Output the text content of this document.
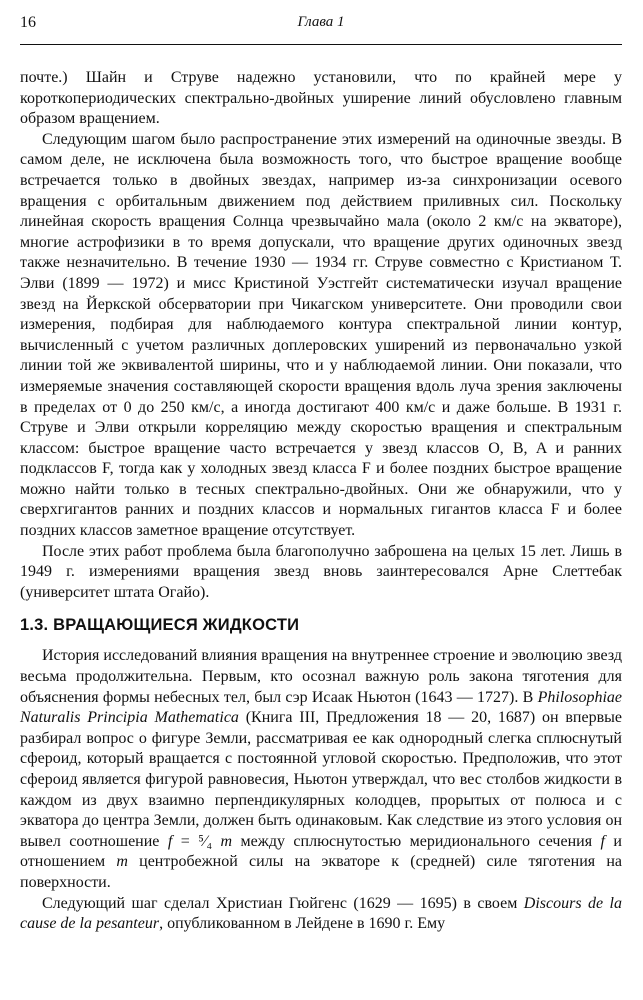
16	Глава 1

почте.) Шайн и Струве надежно установили, что по крайней мере у короткопериодических спектрально-двойных уширение линий обусловлено главным образом вращением.

Следующим шагом было распространение этих измерений на одиночные звезды. В самом деле, не исключена была возможность того, что быстрое вращение вообще встречается только в двойных звездах, например из-за синхронизации осевого вращения с орбитальным движением под действием приливных сил. Поскольку линейная скорость вращения Солнца чрезвычайно мала (около 2 км/с на экваторе), многие астрофизики в то время допускали, что вращение других одиночных звезд также незначительно. В течение 1930 — 1934 гг. Струве совместно с Кристианом Т. Элви (1899 — 1972) и мисс Кристиной Уэстгейт систематически изучал вращение звезд на Йеркской обсерватории при Чикагском университете. Они проводили свои измерения, подбирая для наблюдаемого контура спектральной линии контур, вычисленный с учетом различных доплеровских уширений из первоначально узкой линии той же эквивалентой ширины, что и у наблюдаемой линии. Они показали, что измеряемые значения составляющей скорости вращения вдоль луча зрения заключены в пределах от 0 до 250 км/с, а иногда достигают 400 км/с и даже больше. В 1931 г. Струве и Элви открыли корреляцию между скоростью вращения и спектральным классом: быстрое вращение часто встречается у звезд классов O, B, A и ранних подклассов F, тогда как у холодных звезд класса F и более поздних быстрое вращение можно найти только в тесных спектрально-двойных. Они же обнаружили, что у сверхгигантов ранних и поздних классов и нормальных гигантов класса F и более поздних классов заметное вращение отсутствует.

После этих работ проблема была благополучно заброшена на целых 15 лет. Лишь в 1949 г. измерениями вращения звезд вновь заинтересовался Арне Слеттебак (университет штата Огайо).

1.3. ВРАЩАЮЩИЕСЯ ЖИДКОСТИ

История исследований влияния вращения на внутреннее строение и эволюцию звезд весьма продолжительна. Первым, кто осознал важную роль закона тяготения для объяснения формы небесных тел, был сэр Исаак Ньютон (1643 — 1727). В Philosophiae Naturalis Principia Mathematica (Книга III, Предложения 18 — 20, 1687) он впервые разбирал вопрос о фигуре Земли, рассматривая ее как однородный слегка сплюснутый сфероид, который вращается с постоянной угловой скоростью. Предположив, что этот сфероид является фигурой равновесия, Ньютон утверждал, что вес столбов жидкости в каждом из двух взаимно перпендикулярных колодцев, прорытых от полюса и с экватора до центра Земли, должен быть одинаковым. Как следствие из этого условия он вывел соотношение f = ⁵⁄₄ m между сплюснутостью меридионального сечения f и отношением m центробежной силы на экваторе к (средней) силе тяготения на поверхности.

Следующий шаг сделал Христиан Гюйгенс (1629 — 1695) в своем Discours de la cause de la pesanteur, опубликованном в Лейдене в 1690 г. Ему
